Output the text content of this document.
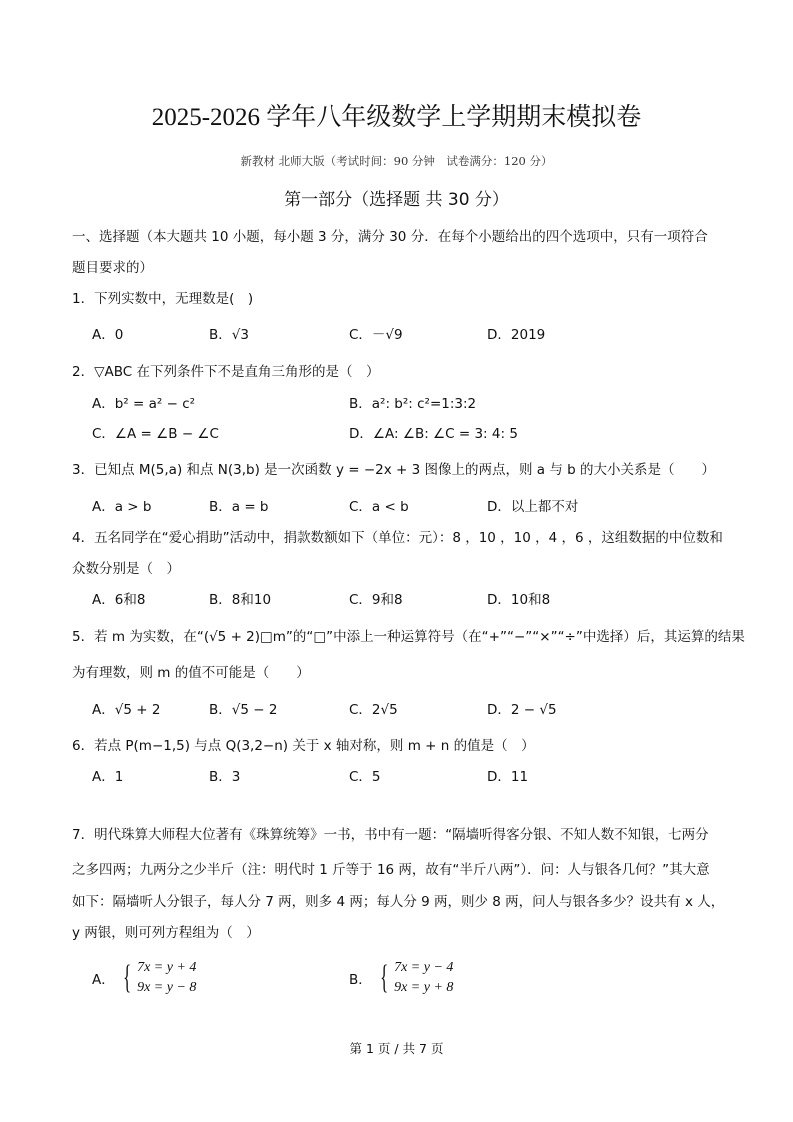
2025-2026 学年八年级数学上学期期末模拟卷
新教材 北师大版（考试时间：90 分钟　试卷满分：120 分）
第一部分（选择题 共 30 分）
一、选择题（本大题共 10 小题，每小题 3 分，满分 30 分．在每个小题给出的四个选项中，只有一项符合
题目要求的）
1．下列实数中，无理数是(　)
A．0	B．√3	C．－√9	D．2019
2．▽ABC 在下列条件下不是直角三角形的是（　）
A．b² = a² − c²	B．a²: b²: c²=1:3:2
C．∠A = ∠B − ∠C	D．∠A: ∠B: ∠C = 3: 4: 5
3．已知点 M(5,a) 和点 N(3,b) 是一次函数 y = −2x + 3 图像上的两点，则 a 与 b 的大小关系是（　　）
A．a > b	B．a = b	C．a < b	D．以上都不对
4．五名同学在“爱心捐助”活动中，捐款数额如下（单位：元）：8 ，10 ，10 ，4 ，6 ，这组数据的中位数和
众数分别是（　）
A．6和8	B．8和10	C．9和8	D．10和8
5．若 m 为实数，在“(√5 + 2)□m”的“□”中添上一种运算符号（在“+”“−”“×”“÷”中选择）后，其运算的结果
为有理数，则 m 的值不可能是（　　）
A．√5 + 2	B．√5 − 2	C．2√5	D．2 − √5
6．若点 P(m−1,5) 与点 Q(3,2−n) 关于 x 轴对称，则 m + n 的值是（　）
A．1	B．3	C．5	D．11
7．明代珠算大师程大位著有《珠算统筹》一书，书中有一题：“隔墙听得客分银、不知人数不知银，七两分
之多四两；九两分之少半斤（注：明代时 1 斤等于 16 两，故有“半斤八两”）．问：人与银各几何？”其大意
如下：隔墙听人分银子，每人分 7 两，则多 4 两；每人分 9 两，则少 8 两，问人与银各多少？设共有 x 人，
y 两银，则可列方程组为（　）
A． { 7x = y + 4
9x = y − 8	B． { 7x = y − 4
9x = y + 8
第 1 页 / 共 7 页
